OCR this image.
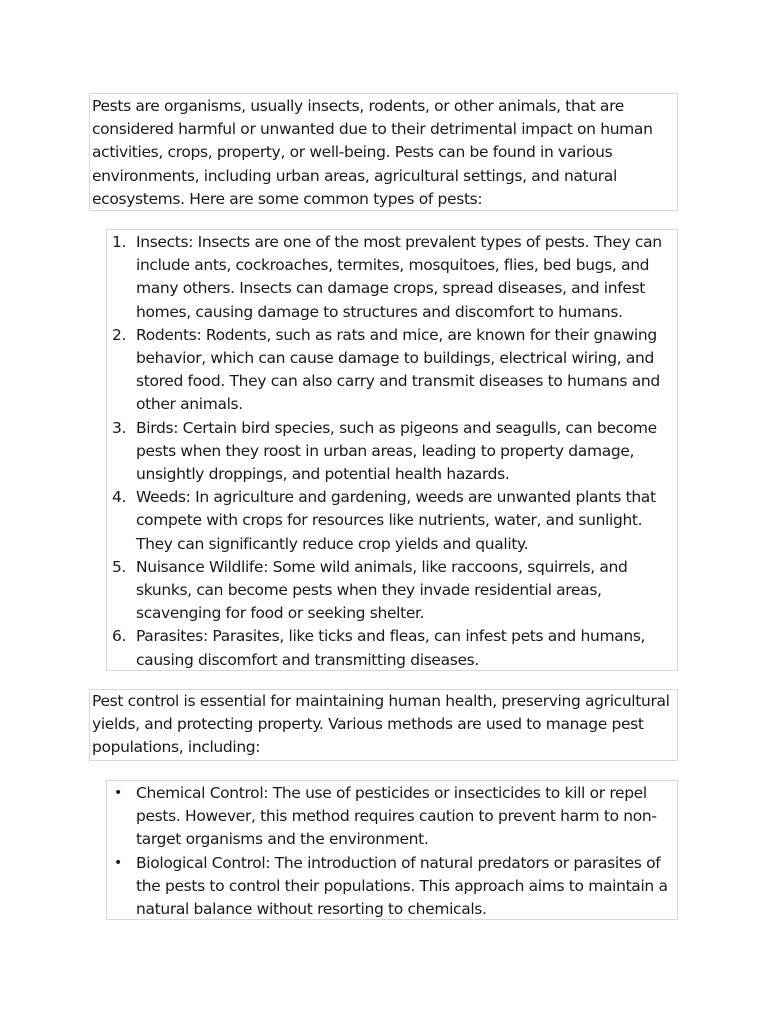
Pests are organisms, usually insects, rodents, or other animals, that are considered harmful or unwanted due to their detrimental impact on human activities, crops, property, or well-being. Pests can be found in various environments, including urban areas, agricultural settings, and natural ecosystems. Here are some common types of pests:

1. Insects: Insects are one of the most prevalent types of pests. They can include ants, cockroaches, termites, mosquitoes, flies, bed bugs, and many others. Insects can damage crops, spread diseases, and infest homes, causing damage to structures and discomfort to humans.
2. Rodents: Rodents, such as rats and mice, are known for their gnawing behavior, which can cause damage to buildings, electrical wiring, and stored food. They can also carry and transmit diseases to humans and other animals.
3. Birds: Certain bird species, such as pigeons and seagulls, can become pests when they roost in urban areas, leading to property damage, unsightly droppings, and potential health hazards.
4. Weeds: In agriculture and gardening, weeds are unwanted plants that compete with crops for resources like nutrients, water, and sunlight. They can significantly reduce crop yields and quality.
5. Nuisance Wildlife: Some wild animals, like raccoons, squirrels, and skunks, can become pests when they invade residential areas, scavenging for food or seeking shelter.
6. Parasites: Parasites, like ticks and fleas, can infest pets and humans, causing discomfort and transmitting diseases.

Pest control is essential for maintaining human health, preserving agricultural yields, and protecting property. Various methods are used to manage pest populations, including:

• Chemical Control: The use of pesticides or insecticides to kill or repel pests. However, this method requires caution to prevent harm to non-target organisms and the environment.
• Biological Control: The introduction of natural predators or parasites of the pests to control their populations. This approach aims to maintain a natural balance without resorting to chemicals.
